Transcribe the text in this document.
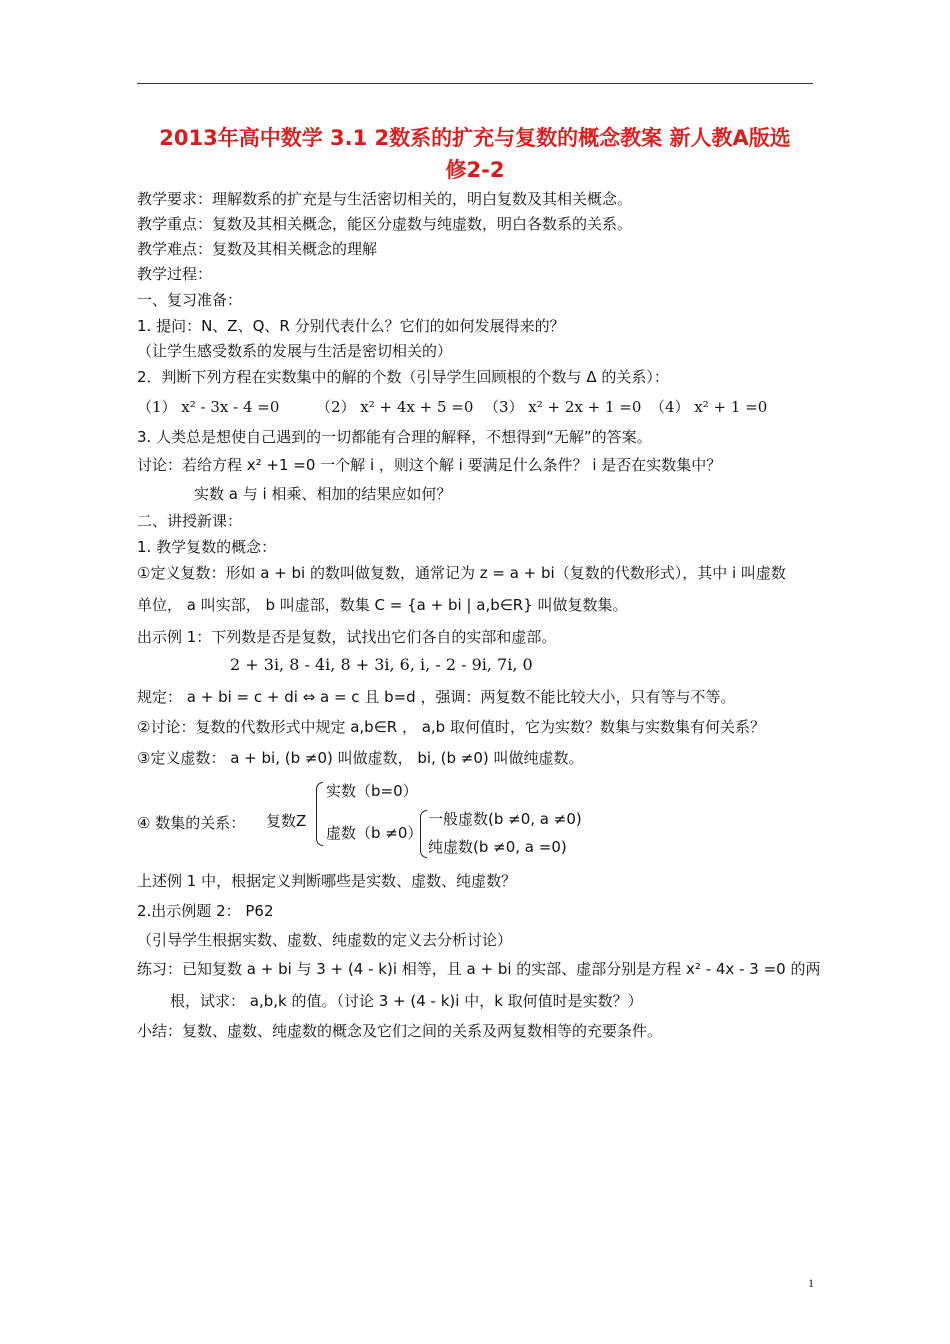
2013年高中数学 3.1 2数系的扩充与复数的概念教案 新人教A版选
修2-2
教学要求：理解数系的扩充是与生活密切相关的，明白复数及其相关概念。
教学重点：复数及其相关概念，能区分虚数与纯虚数，明白各数系的关系。
教学难点：复数及其相关概念的理解
教学过程：
一、复习准备：
1. 提问：N、Z、Q、R 分别代表什么？它们的如何发展得来的？
（让学生感受数系的发展与生活是密切相关的）
2．判断下列方程在实数集中的解的个数（引导学生回顾根的个数与 Δ 的关系）：
（1） x² - 3x - 4 =0 （2） x² + 4x + 5 =0 （3） x² + 2x + 1 =0 （4） x² + 1 =0
3. 人类总是想使自己遇到的一切都能有合理的解释，不想得到“无解”的答案。
讨论：若给方程 x² +1 =0 一个解 i ，则这个解 i 要满足什么条件？ i 是否在实数集中？
实数 a 与 i 相乘、相加的结果应如何？
二、讲授新课：
1. 教学复数的概念：
①定义复数：形如 a + bi 的数叫做复数，通常记为 z = a + bi（复数的代数形式），其中 i 叫虚数
单位， a 叫实部， b 叫虚部，数集 C = {a + bi | a,b∈R} 叫做复数集。
出示例 1：下列数是否是复数，试找出它们各自的实部和虚部。
2 + 3i, 8 - 4i, 8 + 3i, 6, i, - 2 - 9i, 7i, 0
规定： a + bi = c + di ⇔ a = c 且 b=d ，强调：两复数不能比较大小，只有等与不等。
②讨论：复数的代数形式中规定 a,b∈R ， a,b 取何值时，它为实数？数集与实数集有何关系？
③定义虚数： a + bi, (b ≠0) 叫做虚数， bi, (b ≠0) 叫做纯虚数。
④ 数集的关系： 复数Z
实数（b=0）
虚数（b ≠0）
一般虚数(b ≠0, a ≠0)
纯虚数(b ≠0, a =0)
上述例 1 中，根据定义判断哪些是实数、虚数、纯虚数？
2.出示例题 2： P62
（引导学生根据实数、虚数、纯虚数的定义去分析讨论）
练习：已知复数 a + bi 与 3 + (4 - k)i 相等，且 a + bi 的实部、虚部分别是方程 x² - 4x - 3 =0 的两
根，试求： a,b,k 的值。（讨论 3 + (4 - k)i 中，k 取何值时是实数？）
小结：复数、虚数、纯虚数的概念及它们之间的关系及两复数相等的充要条件。
1
